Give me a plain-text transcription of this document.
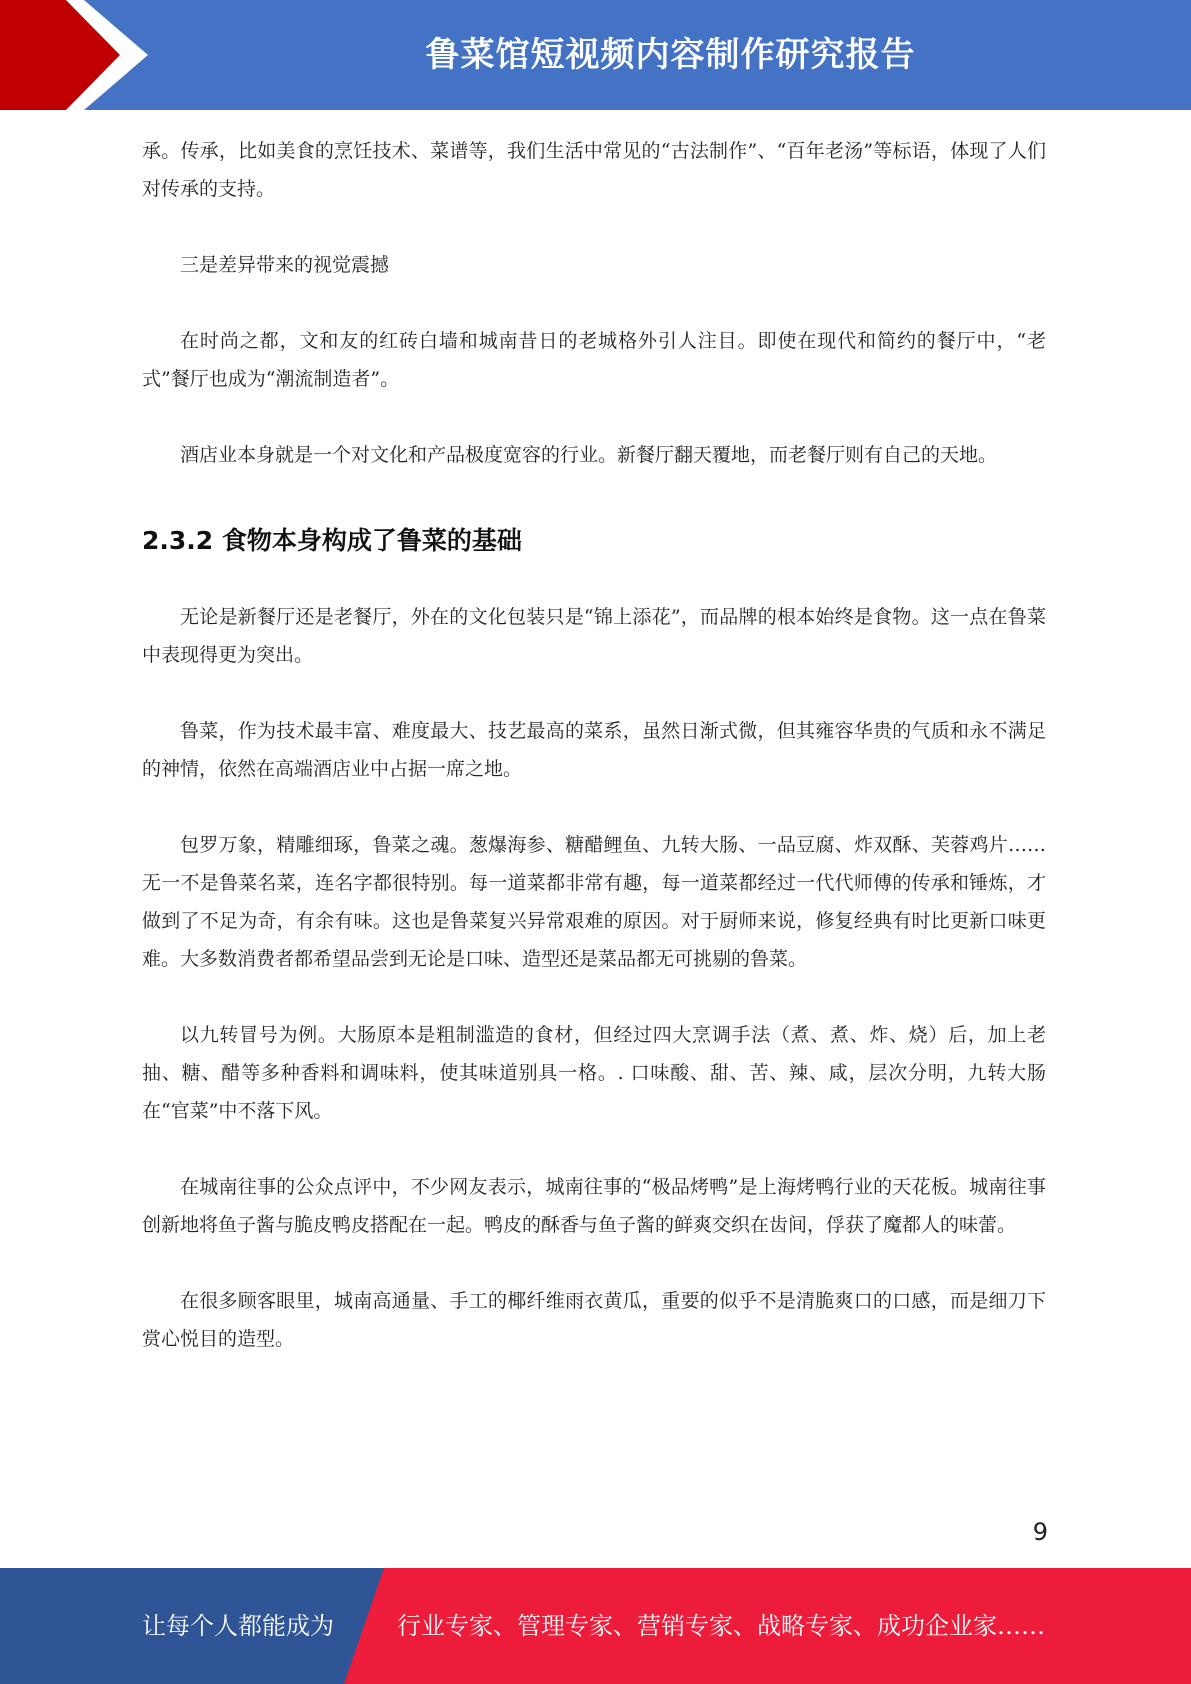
鲁菜馆短视频内容制作研究报告

承。传承，比如美食的烹饪技术、菜谱等，我们生活中常见的“古法制作”、“百年老汤”等标语，体现了人们对传承的支持。

三是差异带来的视觉震撼

在时尚之都，文和友的红砖白墙和城南昔日的老城格外引人注目。即使在现代和简约的餐厅中，“老式”餐厅也成为“潮流制造者”。

酒店业本身就是一个对文化和产品极度宽容的行业。新餐厅翻天覆地，而老餐厅则有自己的天地。

2.3.2 食物本身构成了鲁菜的基础

无论是新餐厅还是老餐厅，外在的文化包装只是“锦上添花”，而品牌的根本始终是食物。这一点在鲁菜中表现得更为突出。

鲁菜，作为技术最丰富、难度最大、技艺最高的菜系，虽然日渐式微，但其雍容华贵的气质和永不满足的神情，依然在高端酒店业中占据一席之地。

包罗万象，精雕细琢，鲁菜之魂。葱爆海参、糖醋鲤鱼、九转大肠、一品豆腐、炸双酥、芙蓉鸡片……无一不是鲁菜名菜，连名字都很特别。每一道菜都非常有趣，每一道菜都经过一代代师傅的传承和锤炼，才做到了不足为奇，有余有味。这也是鲁菜复兴异常艰难的原因。对于厨师来说，修复经典有时比更新口味更难。大多数消费者都希望品尝到无论是口味、造型还是菜品都无可挑剔的鲁菜。

以九转冒号为例。大肠原本是粗制滥造的食材，但经过四大烹调手法（煮、煮、炸、烧）后，加上老抽、糖、醋等多种香料和调味料，使其味道别具一格。. 口味酸、甜、苦、辣、咸，层次分明，九转大肠在“官菜”中不落下风。

在城南往事的公众点评中，不少网友表示，城南往事的“极品烤鸭”是上海烤鸭行业的天花板。城南往事创新地将鱼子酱与脆皮鸭皮搭配在一起。鸭皮的酥香与鱼子酱的鲜爽交织在齿间，俘获了魔都人的味蕾。

在很多顾客眼里，城南高通量、手工的椰纤维雨衣黄瓜，重要的似乎不是清脆爽口的口感，而是细刀下赏心悦目的造型。

9
让每个人都能成为	行业专家、管理专家、营销专家、战略专家、成功企业家……
